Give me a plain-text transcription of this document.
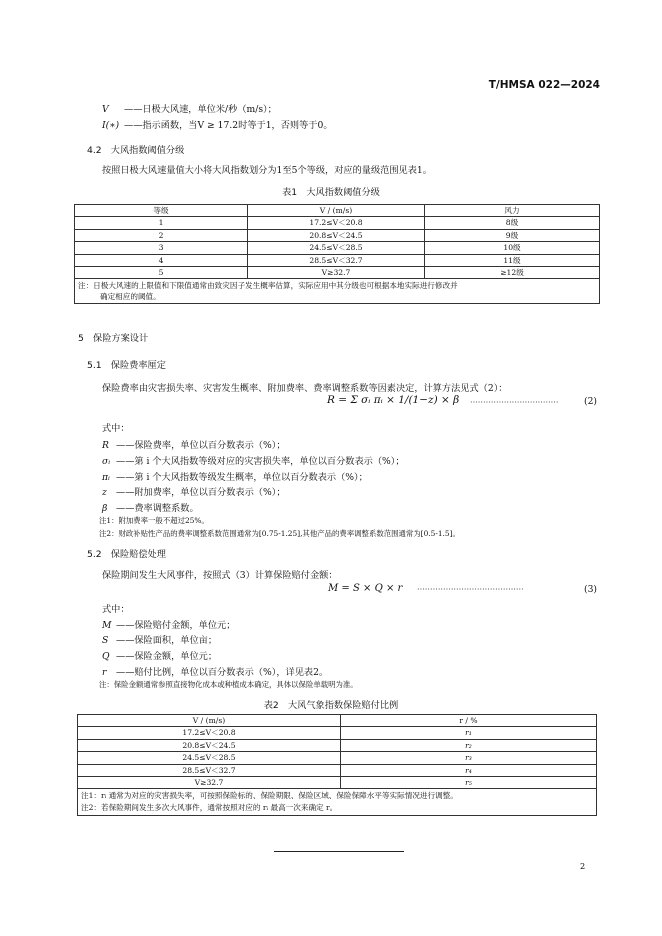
T/HMSA 022—2024
V ——日极大风速，单位米/秒（m/s）；
I(∗) ——指示函数，当V ≥ 17.2时等于1，否则等于0。
4.2　大风指数阈值分级
按照日极大风速量值大小将大风指数划分为1至5个等级，对应的量级范围见表1。
表1　大风指数阈值分级
等级	V / (m/s)	风力
1	17.2≤V＜20.8	8级
2	20.8≤V＜24.5	9级
3	24.5≤V＜28.5	10级
4	28.5≤V＜32.7	11级
5	V≥32.7	≥12级

注：日极大风速的上限值和下限值通常由致灾因子发生概率估算，实际应用中其分级也可根据本地实际进行修改并
确定相应的阈值。		
5　保险方案设计
5.1　保险费率厘定
保险费率由灾害损失率、灾害发生概率、附加费率、费率调整系数等因素决定，计算方法见式（2）：
R = Σ σᵢ πᵢ × 1/(1−z) × β ··································	(2)
式中：
R ——保险费率，单位以百分数表示（%）；
σᵢ ——第 i 个大风指数等级对应的灾害损失率，单位以百分数表示（%）；
πᵢ ——第 i 个大风指数等级发生概率，单位以百分数表示（%）；
z ——附加费率，单位以百分数表示（%）；
β ——费率调整系数。
注1：附加费率一般不超过25%。
注2：财政补贴性产品的费率调整系数范围通常为[0.75-1.25],其他产品的费率调整系数范围通常为[0.5-1.5]。
5.2　保险赔偿处理
保险期间发生大风事件，按照式（3）计算保险赔付金额：
M = S × Q × r ·········································	(3)
式中：
M ——保险赔付金额，单位元；
S ——保险面积，单位亩；
Q ——保险金额，单位元；
r ——赔付比例，单位以百分数表示（%），详见表2。
注：保险金额通常参照直接物化成本或种植成本确定，具体以保险单载明为准。
表2　大风气象指数保险赔付比例
V / (m/s)	r / %
17.2≤V＜20.8	r₁
20.8≤V＜24.5	r₂
24.5≤V＜28.5	r₃
28.5≤V＜32.7	r₄
V≥32.7	r₅

注1：rᵢ 通常为对应的灾害损失率，可按照保险标的、保险期限、保险区域、保险保障水平等实际情况进行调整。
注2：若保险期间发生多次大风事件，通常按照对应的 rᵢ 最高一次来确定 r。	
2
